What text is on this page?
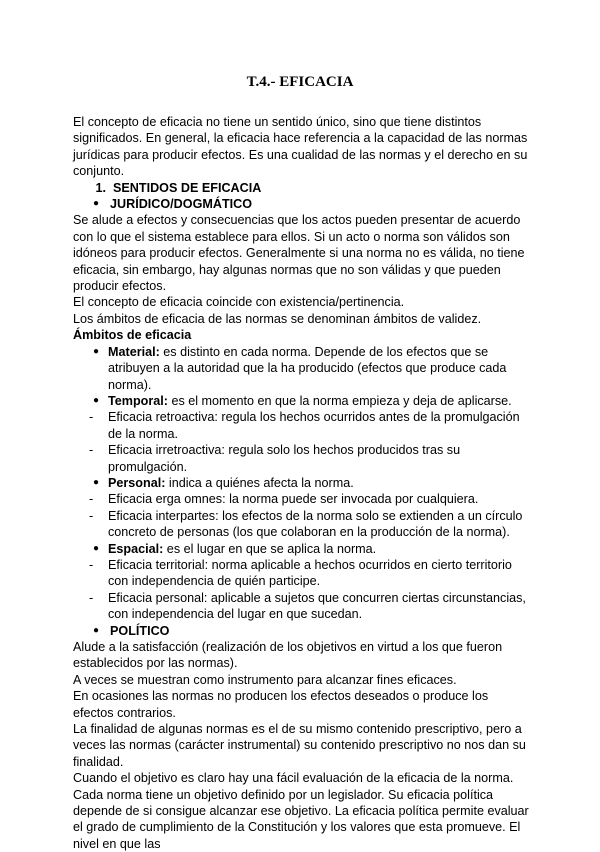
T.4.- EFICACIA

El concepto de eficacia no tiene un sentido único, sino que tiene distintos significados. En general, la eficacia hace referencia a la capacidad de las normas jurídicas para producir efectos. Es una cualidad de las normas y el derecho en su conjunto.

1. SENTIDOS DE EFICACIA
● JURÍDICO/DOGMÁTICO

Se alude a efectos y consecuencias que los actos pueden presentar de acuerdo con lo que el sistema establece para ellos. Si un acto o norma son válidos son idóneos para producir efectos. Generalmente si una norma no es válida, no tiene eficacia, sin embargo, hay algunas normas que no son válidas y que pueden producir efectos.

El concepto de eficacia coincide con existencia/pertinencia.

Los ámbitos de eficacia de las normas se denominan ámbitos de validez.

Ámbitos de eficacia

● Material: es distinto en cada norma. Depende de los efectos que se atribuyen a la autoridad que la ha producido (efectos que produce cada norma).
● Temporal: es el momento en que la norma empieza y deja de aplicarse.
-	Eficacia retroactiva: regula los hechos ocurridos antes de la promulgación de la norma.
-	Eficacia irretroactiva: regula solo los hechos producidos tras su promulgación.
● Personal: indica a quiénes afecta la norma.
-	Eficacia erga omnes: la norma puede ser invocada por cualquiera.
-	Eficacia interpartes: los efectos de la norma solo se extienden a un círculo concreto de personas (los que colaboran en la producción de la norma).
● Espacial: es el lugar en que se aplica la norma.
-	Eficacia territorial: norma aplicable a hechos ocurridos en cierto territorio con independencia de quién participe.
-	Eficacia personal: aplicable a sujetos que concurren ciertas circunstancias, con independencia del lugar en que sucedan.
● POLÍTICO

Alude a la satisfacción (realización de los objetivos en virtud a los que fueron establecidos por las normas).

A veces se muestran como instrumento para alcanzar fines eficaces.

En ocasiones las normas no producen los efectos deseados o produce los efectos contrarios.

La finalidad de algunas normas es el de su mismo contenido prescriptivo, pero a veces las normas (carácter instrumental) su contenido prescriptivo no nos dan su finalidad.

Cuando el objetivo es claro hay una fácil evaluación de la eficacia de la norma.

Cada norma tiene un objetivo definido por un legislador. Su eficacia política depende de si consigue alcanzar ese objetivo. La eficacia política permite evaluar el grado de cumplimiento de la Constitución y los valores que esta promueve. El nivel en que las
